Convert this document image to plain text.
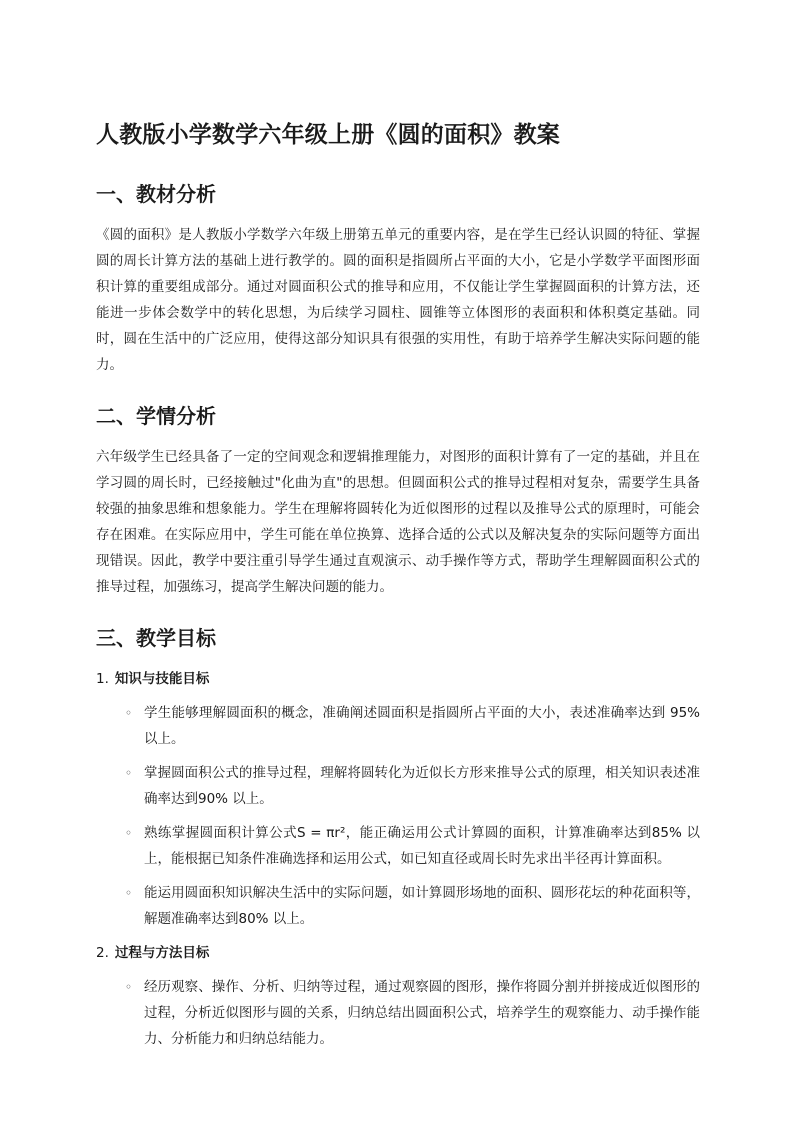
人教版小学数学六年级上册《圆的面积》教案
一、教材分析

《圆的面积》是人教版小学数学六年级上册第五单元的重要内容，是在学生已经认识圆的特征、掌握圆的周长计算方法的基础上进行教学的。圆的面积是指圆所占平面的大小，它是小学数学平面图形面积计算的重要组成部分。通过对圆面积公式的推导和应用，不仅能让学生掌握圆面积的计算方法，还能进一步体会数学中的转化思想，为后续学习圆柱、圆锥等立体图形的表面积和体积奠定基础。同时，圆在生活中的广泛应用，使得这部分知识具有很强的实用性，有助于培养学生解决实际问题的能力。

二、学情分析

六年级学生已经具备了一定的空间观念和逻辑推理能力，对图形的面积计算有了一定的基础，并且在学习圆的周长时，已经接触过"化曲为直"的思想。但圆面积公式的推导过程相对复杂，需要学生具备较强的抽象思维和想象能力。学生在理解将圆转化为近似图形的过程以及推导公式的原理时，可能会存在困难。在实际应用中，学生可能在单位换算、选择合适的公式以及解决复杂的实际问题等方面出现错误。因此，教学中要注重引导学生通过直观演示、动手操作等方式，帮助学生理解圆面积公式的推导过程，加强练习，提高学生解决问题的能力。

三、教学目标
1. 知识与技能目标
◦ 学生能够理解圆面积的概念，准确阐述圆面积是指圆所占平面的大小，表述准确率达到 95% 以上。
◦ 掌握圆面积公式的推导过程，理解将圆转化为近似长方形来推导公式的原理，相关知识表述准确率达到90% 以上。
◦ 熟练掌握圆面积计算公式S = πr²，能正确运用公式计算圆的面积，计算准确率达到85% 以上，能根据已知条件准确选择和运用公式，如已知直径或周长时先求出半径再计算面积。
◦ 能运用圆面积知识解决生活中的实际问题，如计算圆形场地的面积、圆形花坛的种花面积等，解题准确率达到80% 以上。
2. 过程与方法目标
◦ 经历观察、操作、分析、归纳等过程，通过观察圆的图形，操作将圆分割并拼接成近似图形的过程，分析近似图形与圆的关系，归纳总结出圆面积公式，培养学生的观察能力、动手操作能力、分析能力和归纳总结能力。
